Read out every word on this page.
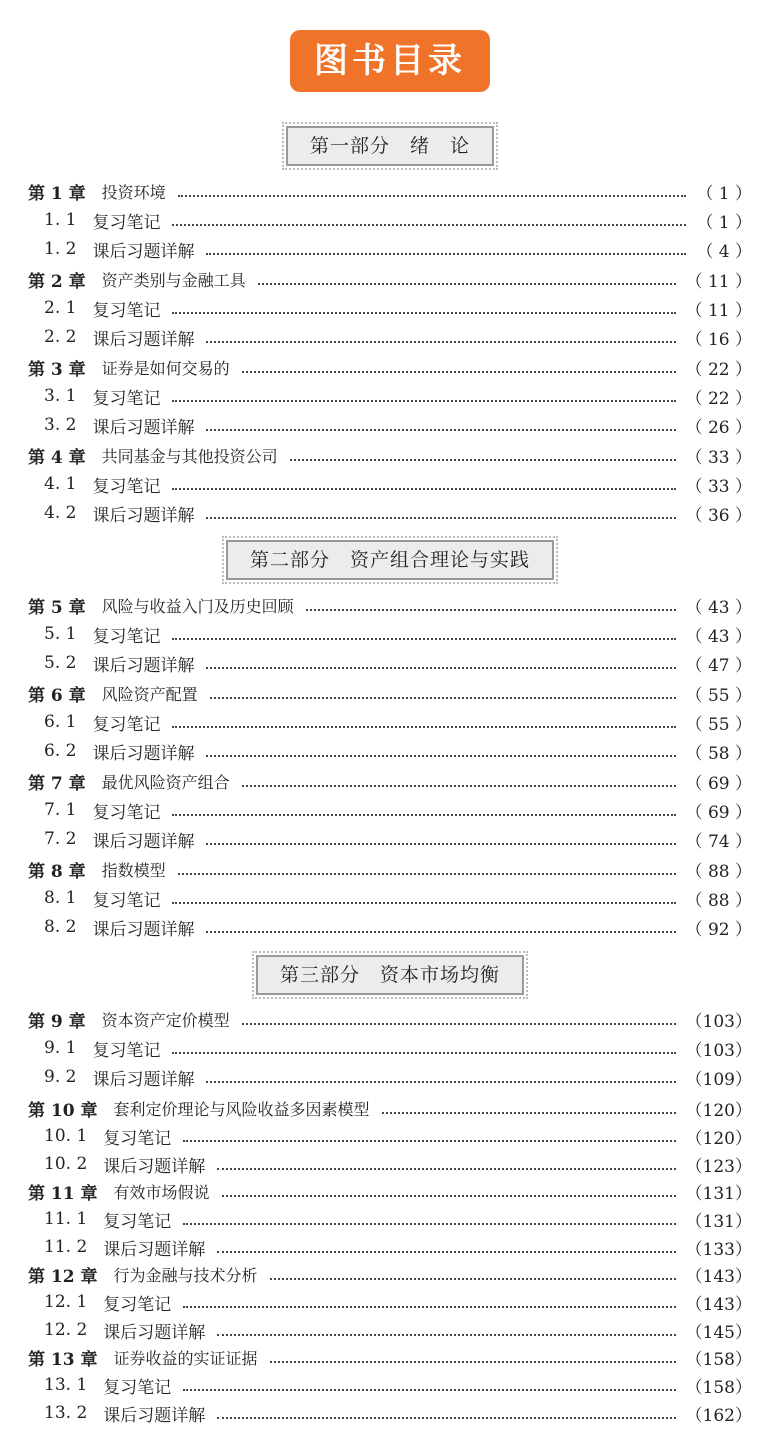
图书目录
第一部分　绪　论
第二部分　资产组合理论与实践
第三部分　资本市场均衡
第 1 章 投资环境	（ 1 ）
1. 1 复习笔记	（ 1 ）
1. 2 课后习题详解	（ 4 ）
第 2 章 资产类别与金融工具	（ 11 ）
2. 1 复习笔记	（ 11 ）
2. 2 课后习题详解	（ 16 ）
第 3 章 证券是如何交易的	（ 22 ）
3. 1 复习笔记	（ 22 ）
3. 2 课后习题详解	（ 26 ）
第 4 章 共同基金与其他投资公司	（ 33 ）
4. 1 复习笔记	（ 33 ）
4. 2 课后习题详解	（ 36 ）
第 5 章 风险与收益入门及历史回顾	（ 43 ）
5. 1 复习笔记	（ 43 ）
5. 2 课后习题详解	（ 47 ）
第 6 章 风险资产配置	（ 55 ）
6. 1 复习笔记	（ 55 ）
6. 2 课后习题详解	（ 58 ）
第 7 章 最优风险资产组合	（ 69 ）
7. 1 复习笔记	（ 69 ）
7. 2 课后习题详解	（ 74 ）
第 8 章 指数模型	（ 88 ）
8. 1 复习笔记	（ 88 ）
8. 2 课后习题详解	（ 92 ）
第 9 章 资本资产定价模型	（103）
9. 1 复习笔记	（103）
9. 2 课后习题详解	（109）
第 10 章 套利定价理论与风险收益多因素模型	（120）
10. 1 复习笔记	（120）
10. 2 课后习题详解	（123）
第 11 章 有效市场假说	（131）
11. 1 复习笔记	（131）
11. 2 课后习题详解	（133）
第 12 章 行为金融与技术分析	（143）
12. 1 复习笔记	（143）
12. 2 课后习题详解	（145）
第 13 章 证券收益的实证证据	（158）
13. 1 复习笔记	（158）
13. 2 课后习题详解	（162）
